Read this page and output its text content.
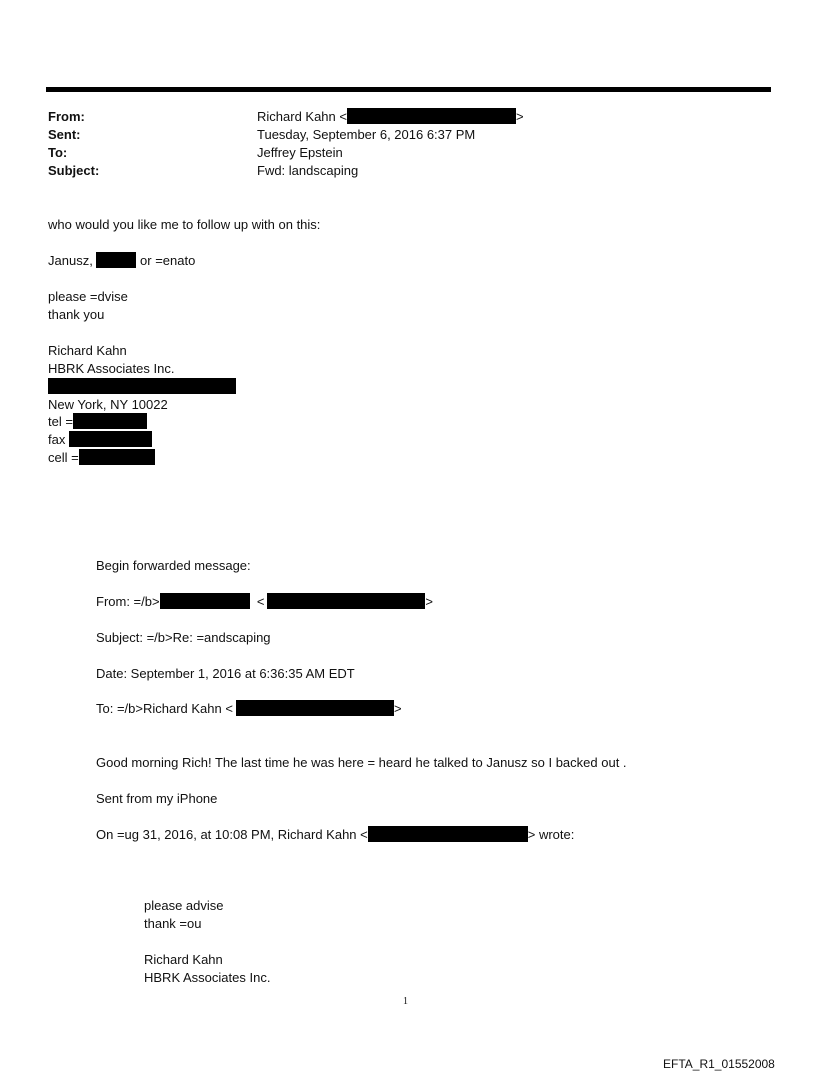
From:	Richard Kahn <	>
Sent:	Tuesday, September 6, 2016 6:37 PM
To:	Jeffrey Epstein
Subject:	Fwd: landscaping
who would you like me to follow up with on this:
Janusz,	or =enato
please =dvise
thank you
Richard Kahn
HBRK Associates Inc.
New York, NY 10022
tel =
fax
cell =
Begin forwarded message:
From: =/b>	<	>
Subject: =/b>Re: =andscaping
Date: September 1, 2016 at 6:36:35 AM EDT
To: =/b>Richard Kahn <	>
Good morning Rich! The last time he was here = heard he talked to Janusz so I backed out .
Sent from my iPhone
On =ug 31, 2016, at 10:08 PM, Richard Kahn <	> wrote:
please advise
thank =ou
Richard Kahn
HBRK Associates Inc.
1
EFTA_R1_01552008
